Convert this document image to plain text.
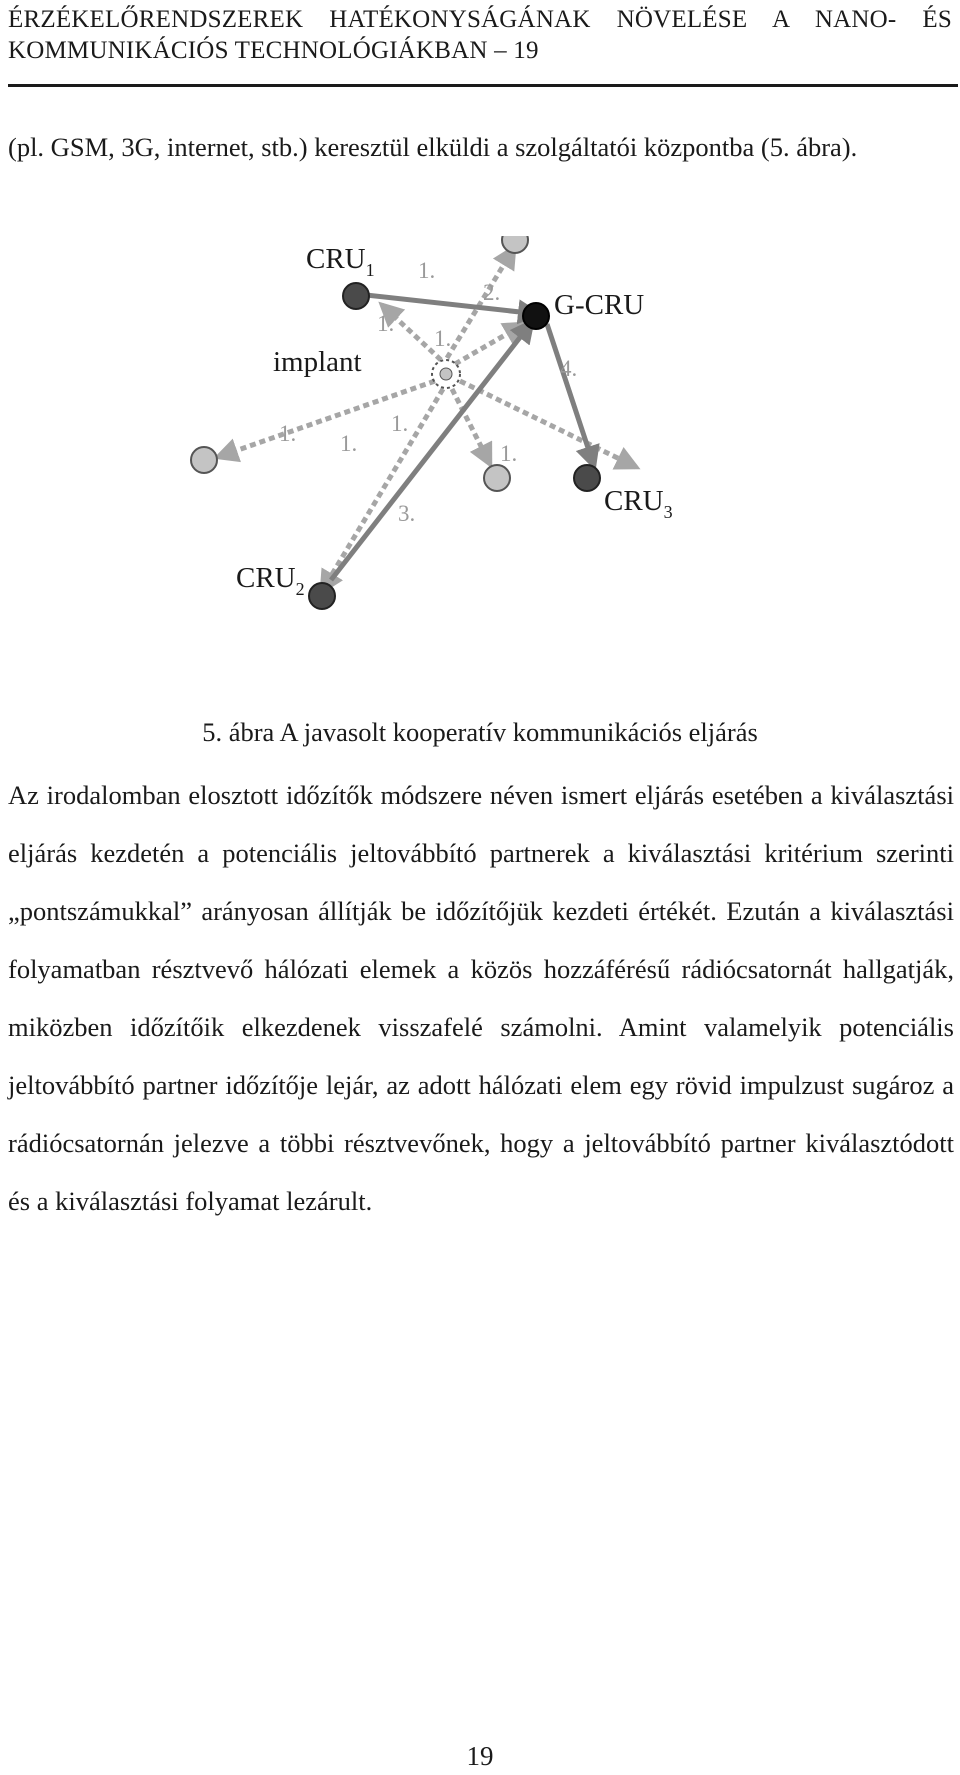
ÉRZÉKELŐRENDSZEREK HATÉKONYSÁGÁNAK NÖVELÉSE A NANO- ÉS KOMMUNIKÁCIÓS TECHNOLÓGIÁKBAN – 19

(pl. GSM, 3G, internet, stb.) keresztül elküldi a szolgáltatói központba (5. ábra).

$CRU_1$
G-CRU
implant
$CRU_3$
$CRU_2$
1.
2.
1.
1.
4.
1. 1.
1.
1.
3.
5. ábra A javasolt kooperatív kommunikációs eljárás

Az irodalomban elosztott időzítők módszere néven ismert eljárás esetében a kiválasztási eljárás kezdetén a potenciális jeltovábbító partnerek a kiválasztási kritérium szerinti „pontszámukkal” arányosan állítják be időzítőjük kezdeti értékét. Ezután a kiválasztási folyamatban résztvevő hálózati elemek a közös hozzáférésű rádiócsatornát hallgatják, miközben időzítőik elkezdenek visszafelé számolni. Amint valamelyik potenciális jeltovábbító partner időzítője lejár, az adott hálózati elem egy rövid impulzust sugároz a rádiócsatornán jelezve a többi résztvevőnek, hogy a jeltovábbító partner kiválasztódott és a kiválasztási folyamat lezárult.

19
